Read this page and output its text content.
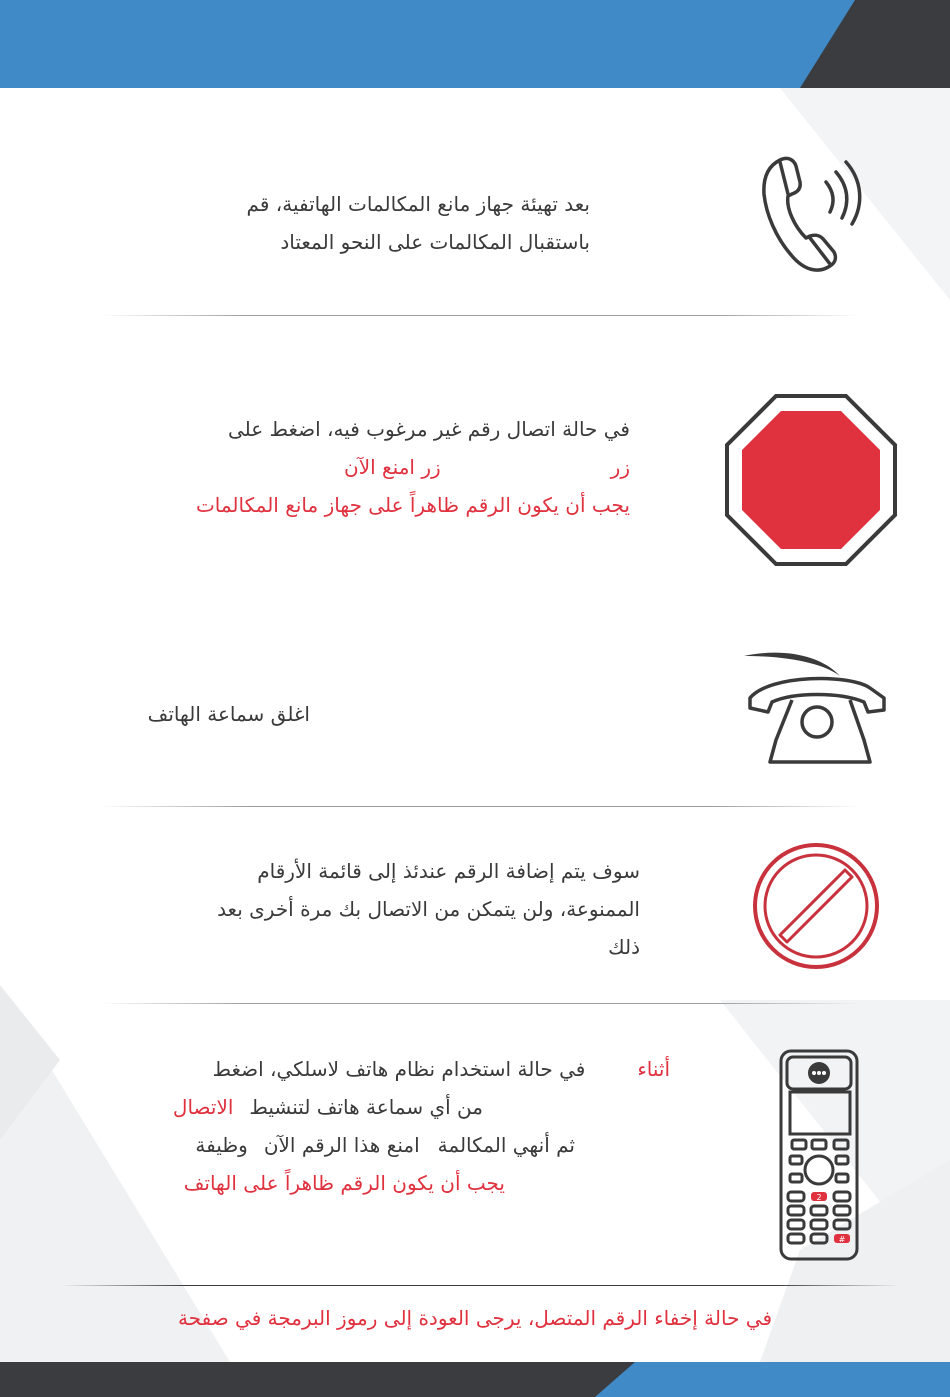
بعد تهيئة جهاز مانع المكالمات الهاتفية، قم
باستقبال المكالمات على النحو المعتاد
في حالة اتصال رقم غير مرغوب فيه، اضغط على
زرزر امنع الآن
يجب أن يكون الرقم ظاهراً على جهاز مانع المكالمات
اغلق سماعة الهاتف
سوف يتم إضافة الرقم عندئذ إلى قائمة الأرقام
الممنوعة، ولن يتمكن من الاتصال بك مرة أخرى بعد
ذلك
أثناءفي حالة استخدام نظام هاتف لاسلكي، اضغط
من أي سماعة هاتف لتنشيطالاتصال
ثم أنهي المكالمةامنع هذا الرقم الآنوظيفة
يجب أن يكون الرقم ظاهراً على الهاتف
2
#
في حالة إخفاء الرقم المتصل، يرجى العودة إلى رموز البرمجة في صفحة
